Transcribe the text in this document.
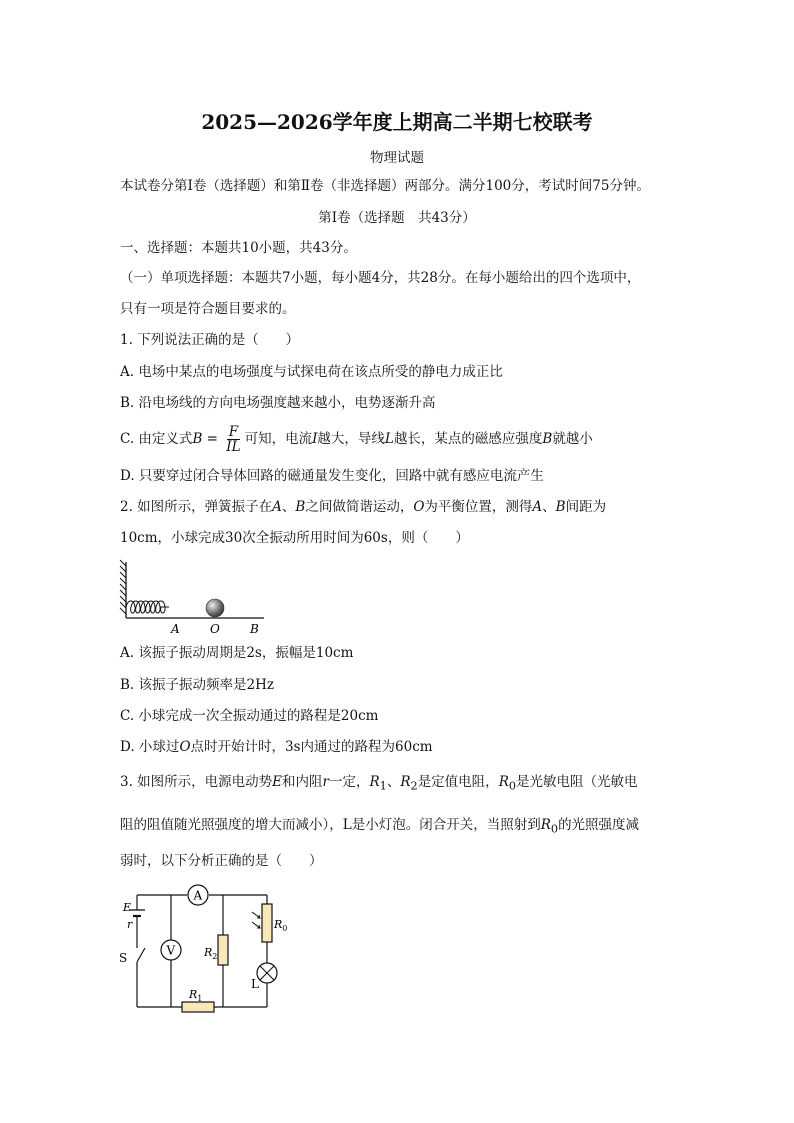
2025—2026学年度上期高二半期七校联考
物理试题
本试卷分第Ⅰ卷（选择题）和第Ⅱ卷（非选择题）两部分。满分100分，考试时间75分钟。
第Ⅰ卷（选择题　共43分）
一、选择题：本题共10小题，共43分。
（一）单项选择题：本题共7小题，每小题4分，共28分。在每小题给出的四个选项中，
只有一项是符合题目要求的。
1. 下列说法正确的是（　　）
A. 电场中某点的电场强度与试探电荷在该点所受的静电力成正比
B. 沿电场线的方向电场强度越来越小，电势逐渐升高
C. 由定义式$B = \frac{F}{IL}$ 可知，电流I越大，导线L越长，某点的磁感应强度B就越小
D. 只要穿过闭合导体回路的磁通量发生变化，回路中就有感应电流产生
2. 如图所示，弹簧振子在A、B之间做简谐运动，O为平衡位置，测得A、B间距为
10cm，小球完成30次全振动所用时间为60s，则（　　）
A	O	B
A. 该振子振动周期是2s，振幅是10cm
B. 该振子振动频率是2Hz
C. 小球完成一次全振动通过的路程是20cm
D. 小球过O点时开始计时，3s内通过的路程为60cm
3. 如图所示，电源电动势E和内阻r一定，$R_1$、$R_2$是定值电阻，$R_0$是光敏电阻（光敏电
阻的阻值随光照强度的增大而减小），L是小灯泡。闭合开关，当照射到$R_0$的光照强度减
弱时，以下分析正确的是（　　）
A
V
E
r
S	$R_2$
$R_0$
L
$R_1$
